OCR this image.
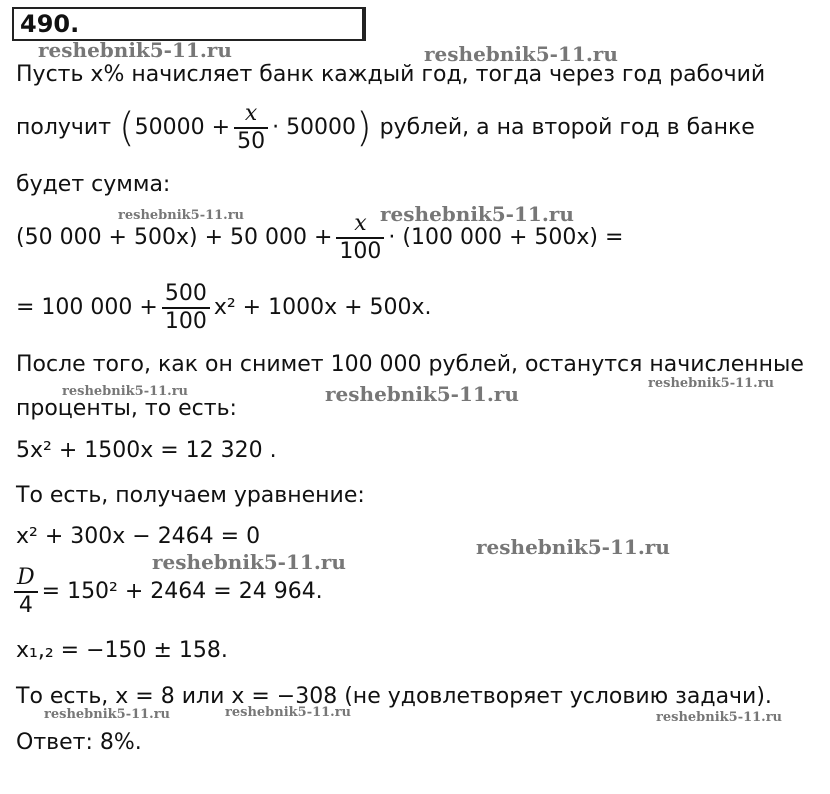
490.
reshebnik5-11.ru	reshebnik5-11.ru
reshebnik5-11.ru	reshebnik5-11.ru
reshebnik5-11.ru	reshebnik5-11.ru	reshebnik5-11.ru
reshebnik5-11.ru
reshebnik5-11.ru
reshebnik5-11.ru	reshebnik5-11.ru	reshebnik5-11.ru
Пусть x% начисляет банк каждый год, тогда через год рабочий
получит ( $50000 + \frac{x}{50} \cdot 50000$ ) рублей, а на второй год в банке
будет сумма:
(50 000 + 500x) + 50 $000 + \frac{x}{100} \cdot (100$ 000 + 500x) =
= 100 $000 + \frac{500}{100} x^2 + 1000x + 500x$.
После того, как он снимет 100 000 рублей, останутся начисленные
проценты, то есть:
5x² + 1500x = 12 320 .
То есть, получаем уравнение:
x² + 300x − 2464 = 0
$\frac{D}{4} = 150^2 + 2464 = 24$ 964.
x₁,₂ = −150 ± 158.
То есть, x = 8 или x = −308 (не удовлетворяет условию задачи).
Ответ: 8%.
